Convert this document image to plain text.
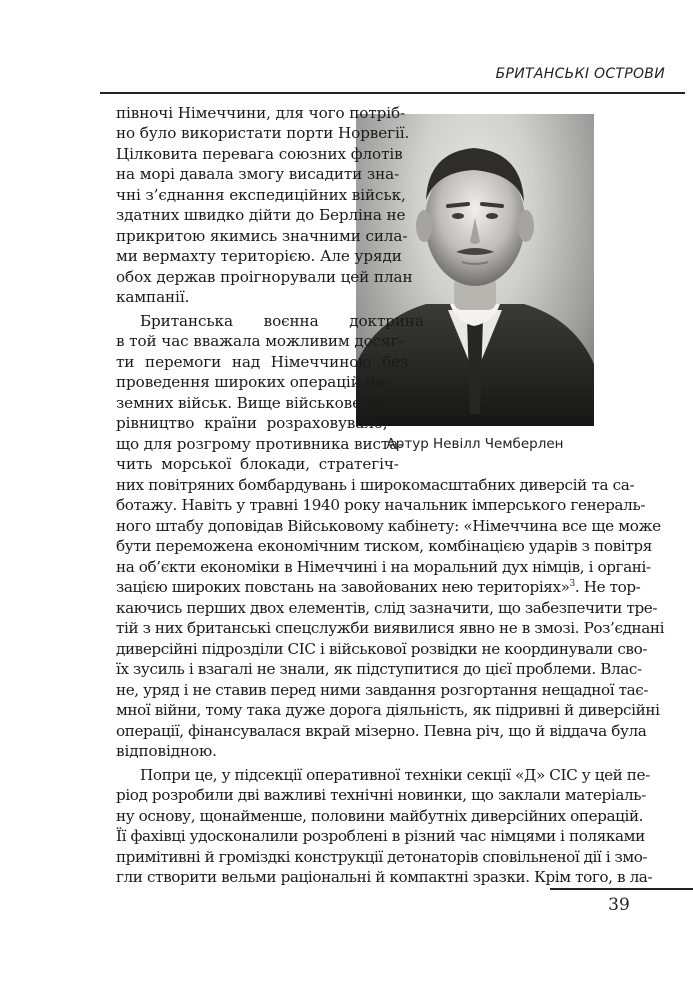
БРИТАНСЬКІ ОСТРОВИ
Артур Невілл Чемберлен
півночі Німеччини, для чого потріб-
но було використати порти Норвегії.
Цілковита перевага союзних флотів
на морі давала змогу висадити зна-
чні з’єднання експедиційних військ,
здатних швидко дійти до Берліна не
прикритою якимись значними сила-
ми вермахту територією. Але уряди
обох держав проігнорували цей план
кампанії.
Британська воєнна доктрина
в той час вважала можливим досяг-
ти перемоги над Німеччиною без
проведення широких операцій на-
земних військ. Вище військове ке-
рівництво країни розраховувало,
що для розгрому противника виста-
чить морської блокади, стратегіч-
них повітряних бомбардувань і широкомасштабних диверсій та са-
ботажу. Навіть у травні 1940 року начальник імперського генераль-
ного штабу доповідав Військовому кабінету: «Німеччина все ще може
бути переможена економічним тиском, комбінацією ударів з повітря
на об’єкти економіки в Німеччині і на моральний дух німців, і органі-
зацією широких повстань на завойованих нею територіях»$^3$. Не тор-
каючись перших двох елементів, слід зазначити, що забезпечити тре-
тій з них британські спецслужби виявилися явно не в змозі. Роз’єднані
диверсійні підрозділи СІС і військової розвідки не координували сво-
їх зусиль і взагалі не знали, як підступитися до цієї проблеми. Влас-
не, уряд і не ставив перед ними завдання розгортання нещадної тає-
мної війни, тому така дуже дорога діяльність, як підривні й диверсійні
операції, фінансувалася вкрай мізерно. Певна річ, що й віддача була
відповідною.
Попри це, у підсекції оперативної техніки секції «Д» СІС у цей пе-
ріод розробили дві важливі технічні новинки, що заклали матеріаль-
ну основу, щонайменше, половини майбутніх диверсійних операцій.
Її фахівці удосконалили розроблені в різний час німцями і поляками
примітивні й громіздкі конструкції детонаторів сповільненої дії і змо-
гли створити вельми раціональні й компактні зразки. Крім того, в ла-
39
